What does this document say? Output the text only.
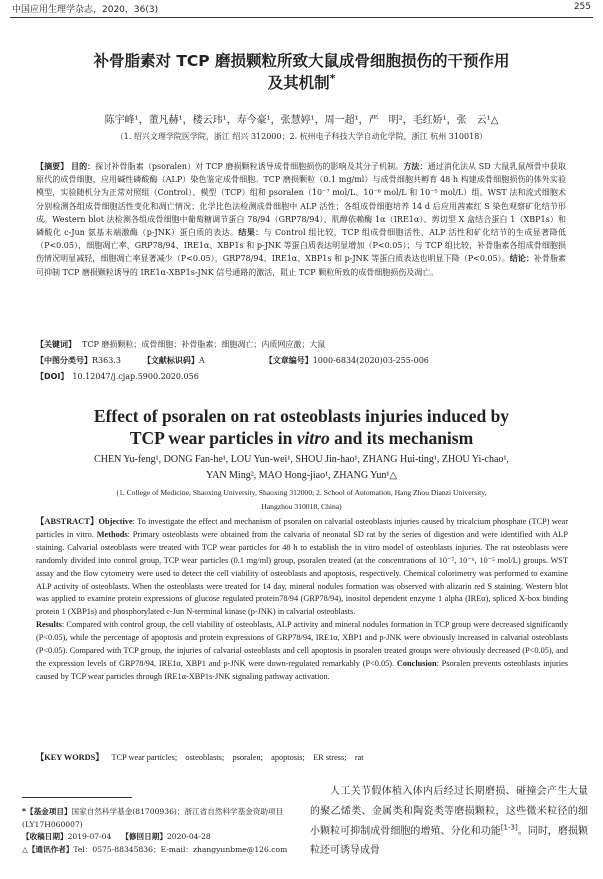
中国应用生理学杂志，2020，36(3)	255
补骨脂素对 TCP 磨损颗粒所致大鼠成骨细胞损伤的干预作用
及其机制*
陈宇峰¹，董凡赫¹，楼云玮¹，寿今豪¹，张慧婷¹，周一超¹，严　明²，毛红娇¹，张　云¹△
（1. 绍兴文理学院医学院，浙江 绍兴 312000；2. 杭州电子科技大学自动化学院，浙江 杭州 310018）
【摘要】 目的：探讨补骨脂素（psoralen）对 TCP 磨损颗粒诱导成骨细胞损伤的影响及其分子机制。方法：通过消化法从 SD 大鼠乳鼠颅骨中获取原代的成骨细胞，应用碱性磷酸酶（ALP）染色鉴定成骨细胞。TCP 磨损颗粒（0.1 mg/ml）与成骨细胞共孵育 48 h 构建成骨细胞损伤的体外实验模型，实验随机分为正常对照组（Control）、模型（TCP）组和 psoralen（10⁻⁷ mol/L、10⁻⁶ mol/L 和 10⁻⁵ mol/L）组。WST 法和流式细胞术分别检测各组成骨细胞活性变化和凋亡情况；化学比色法检测成骨细胞中 ALP 活性；各组成骨细胞培养 14 d 后应用茜素红 S 染色观察矿化结节形成。Western blot 法检测各组成骨细胞中葡萄糖调节蛋白 78/94（GRP78/94）、肌醇依赖酶 1α（IRE1α）、剪切型 X 盒结合蛋白 1（XBP1s）和磷酸化 c-Jun 氨基末端激酶（p-JNK）蛋白质的表达。结果：与 Control 组比较，TCP 组成骨细胞活性、ALP 活性和矿化结节的生成显著降低（P<0.05），细胞凋亡率、GRP78/94、IRE1α、XBP1s 和 p-JNK 等蛋白质表达明显增加（P<0.05）；与 TCP 组比较，补骨脂素各组成骨细胞损伤情况明显减轻，细胞凋亡率显著减少（P<0.05），GRP78/94、IRE1α、XBP1s 和 p-JNK 等蛋白质表达也明显下降（P<0.05）。结论：补骨脂素可抑制 TCP 磨损颗粒诱导的 IRE1α-XBP1s-JNK 信号通路的激活，阻止 TCP 颗粒所致的成骨细胞损伤及凋亡。
【关键词】 TCP 磨损颗粒；成骨细胞；补骨脂素；细胞凋亡；内质网应激；大鼠
【中图分类号】R363.3	【文献标识码】A	【文章编号】1000-6834(2020)03-255-006
【DOI】 10.12047/j.cjap.5900.2020.056
Effect of psoralen on rat osteoblasts injuries induced by
TCP wear particles in vitro and its mechanism
CHEN Yu-feng¹, DONG Fan-he¹, LOU Yun-wei¹, SHOU Jin-hao¹, ZHANG Hui-ting¹, ZHOU Yi-chao¹,
YAN Ming², MAO Hong-jiao¹, ZHANG Yun¹△
(1. College of Medicine, Shaoxing University, Shaoxing 312000; 2. School of Automation, Hang Zhou Dianzi University,
Hangzhou 310018, China)
【ABSTRACT】Objective: To investigate the effect and mechanism of psoralen on calvarial osteoblasts injuries caused by tricalcium phosphate (TCP) wear particles in vitro. Methods: Primary osteoblasts were obtained from the calvaria of neonatal SD rat by the series of digestion and were identified with ALP staining. Calvarial osteoblasts were treated with TCP wear particles for 48 h to establish the in vitro model of osteoblasts injuries. The rat osteoblasts were randomly divided into control group, TCP wear particles (0.1 mg/ml) group, psoralen treated (at the concentrations of 10⁻⁷, 10⁻⁶, 10⁻⁵ mol/L) groups. WST assay and the flow cytometry were used to detect the cell viability of osteoblasts and apoptosis, respectively. Chemical colorimetry was performed to examine ALP activity of osteoblasts. When the osteoblasts were treated for 14 day, mineral nodules formation was observed with alizarin red S staining. Western blot was applied to examine protein expressions of glucose regulated protein78/94 (GRP78/94), inositol dependent enzyme 1 alpha (IREα), spliced X-box binding protein 1 (XBP1s) and phosphorylated c-Jun N-terminal kinase (p-JNK) in calvarial osteoblasts.
Results: Compared with control group, the cell viability of osteoblasts, ALP activity and mineral nodules formation in TCP group were decreased significantly (P<0.05), while the percentage of apoptosis and protein expressions of GRP78/94, IRE1α, XBP1 and p-JNK were obviously increased in calvarial osteoblasts (P<0.05). Compared with TCP group, the injuries of calvarial osteoblasts and cell apoptosis in psoralen treated groups were obviously decreased (P<0.05), and the expression levels of GRP78/94, IRE1α, XBP1 and p-JNK were down-regulated remarkably (P<0.05). Conclusion: Psoralen prevents osteoblasts injuries caused by TCP wear particles through IRE1α-XBP1s-JNK signaling pathway activation.
【KEY WORDS】 TCP wear particles;　osteoblasts;　psoralen;　apoptosis;　ER stress;　rat
*【基金项目】国家自然科学基金(81700936)；浙江省自然科学基金资助项目(LY17H060007)
【收稿日期】2019-07-04 【修回日期】2020-04-28
△【通讯作者】Tel：0575-88345836；E-mail：zhangyunbme@126.com
人工关节假体植入体内后经过长期磨损、碰撞会产生大量的聚乙烯类、金属类和陶瓷类等磨损颗粒，这些微米粒径的细小颗粒可抑制成骨细胞的增殖、分化和功能[1-3]。同时，磨损颗粒还可诱导成骨
